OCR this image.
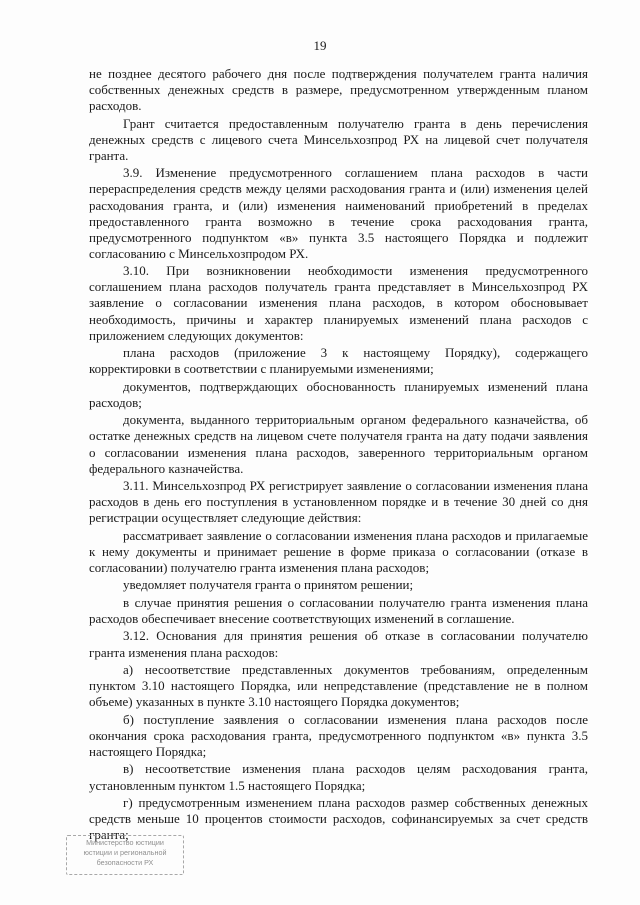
19

не позднее десятого рабочего дня после подтверждения получателем гранта наличия собственных денежных средств в размере, предусмотренном утвержденным планом расходов.

Грант считается предоставленным получателю гранта в день перечисления денежных средств с лицевого счета Минсельхозпрод РХ на лицевой счет получателя гранта.

3.9. Изменение предусмотренного соглашением плана расходов в части перераспределения средств между целями расходования гранта и (или) изменения целей расходования гранта, и (или) изменения наименований приобретений в пределах предоставленного гранта возможно в течение срока расходования гранта, предусмотренного подпунктом «в» пункта 3.5 настоящего Порядка и подлежит согласованию с Минсельхозпродом РХ.

3.10. При возникновении необходимости изменения предусмотренного соглашением плана расходов получатель гранта представляет в Минсельхозпрод РХ заявление о согласовании изменения плана расходов, в котором обосновывает необходимость, причины и характер планируемых изменений плана расходов с приложением следующих документов:

плана расходов (приложение 3 к настоящему Порядку), содержащего корректировки в соответствии с планируемыми изменениями;

документов, подтверждающих обоснованность планируемых изменений плана расходов;

документа, выданного территориальным органом федерального казначейства, об остатке денежных средств на лицевом счете получателя гранта на дату подачи заявления о согласовании изменения плана расходов, заверенного территориальным органом федерального казначейства.

3.11. Минсельхозпрод РХ регистрирует заявление о согласовании изменения плана расходов в день его поступления в установленном порядке и в течение 30 дней со дня регистрации осуществляет следующие действия:

рассматривает заявление о согласовании изменения плана расходов и прилагаемые к нему документы и принимает решение в форме приказа о согласовании (отказе в согласовании) получателю гранта изменения плана расходов;

уведомляет получателя гранта о принятом решении;

в случае принятия решения о согласовании получателю гранта изменения плана расходов обеспечивает внесение соответствующих изменений в соглашение.

3.12. Основания для принятия решения об отказе в согласовании получателю гранта изменения плана расходов:

а) несоответствие представленных документов требованиям, определенным пунктом 3.10 настоящего Порядка, или непредставление (представление не в полном объеме) указанных в пункте 3.10 настоящего Порядка документов;

б) поступление заявления о согласовании изменения плана расходов после окончания срока расходования гранта, предусмотренного подпунктом «в» пункта 3.5 настоящего Порядка;

в) несоответствие изменения плана расходов целям расходования гранта, установленным пунктом 1.5 настоящего Порядка;

г) предусмотренным изменением плана расходов размер собственных денежных средств меньше 10 процентов стоимости расходов, софинансируемых за счет средств гранта;

Министерство юстиции
юстиции и региональной
безопасности РХ
